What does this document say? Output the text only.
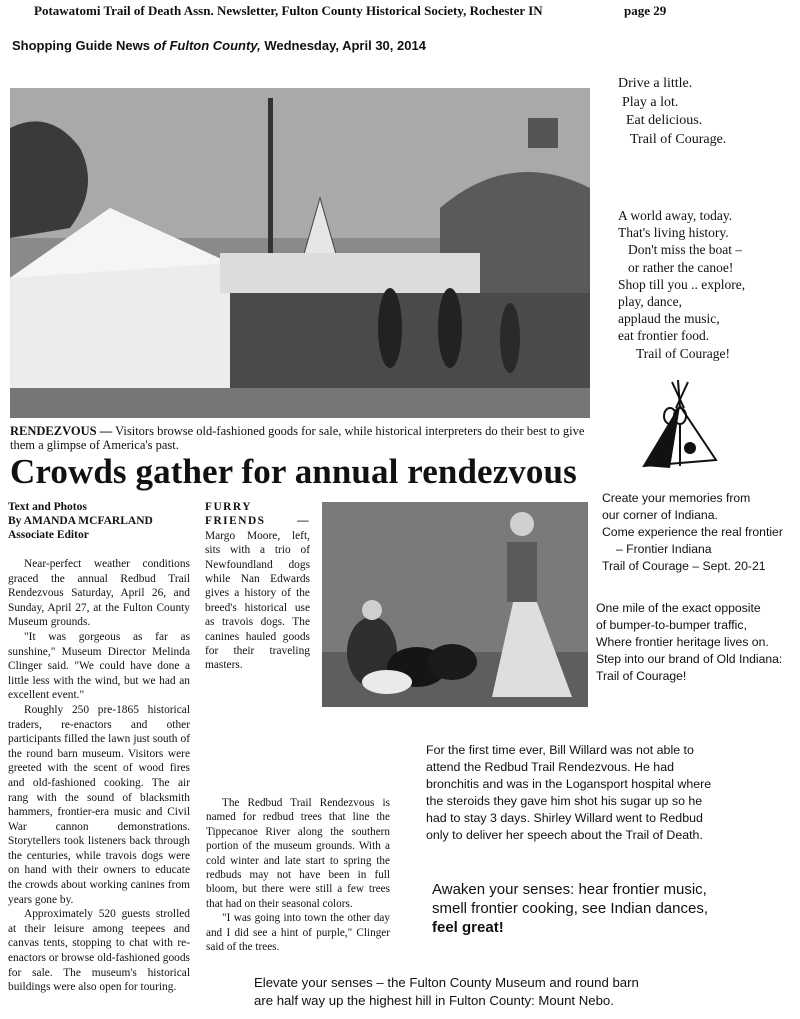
Potawatomi Trail of Death Assn. Newsletter, Fulton County Historical Society, Rochester IN	page 29
Shopping Guide News of Fulton County, Wednesday, April 30, 2014
RENDEZVOUS — Visitors browse old-fashioned goods for sale, while historical interpreters do their best to give them a glimpse of America's past.
Crowds gather for annual rendezvous
Text and Photos
By AMANDA MCFARLAND
Associate Editor

Near-perfect weather conditions graced the annual Redbud Trail Rendezvous Saturday, April 26, and Sunday, April 27, at the Fulton County Museum grounds.

"It was gorgeous as far as sunshine," Museum Director Melinda Clinger said. "We could have done a little less with the wind, but we had an excellent event."

Roughly 250 pre-1865 historical traders, re-enactors and other participants filled the lawn just south of the round barn museum. Visitors were greeted with the scent of wood fires and old-fashioned cooking. The air rang with the sound of blacksmith hammers, frontier-era music and Civil War cannon demonstrations. Storytellers took listeners back through the centuries, while travois dogs were on hand with their owners to educate the crowds about working canines from years gone by.

Approximately 520 guests strolled at their leisure among teepees and canvas tents, stopping to chat with re-enactors or browse old-fashioned goods for sale. The museum's historical buildings were also open for touring.

FURRY FRIENDS — Margo Moore, left, sits with a trio of Newfoundland dogs while Nan Edwards gives a history of the breed's historical use as travois dogs. The canines hauled goods for their traveling masters.

The Redbud Trail Rendezvous is named for redbud trees that line the Tippecanoe River along the southern portion of the museum grounds. With a cold winter and late start to spring the redbuds may not have been in full bloom, but there were still a few trees that had on their seasonal colors.

"I was going into town the other day and I did see a hint of purple," Clinger said of the trees.

Drive a little.
Play a lot.
Eat delicious.
Trail of Courage.
A world away, today.
That's living history.
Don't miss the boat –
or rather the canoe!
Shop till you .. explore,
play, dance,
applaud the music,
eat frontier food.
Trail of Courage!
Create your memories from
our corner of Indiana.
Come experience the real frontier
– Frontier Indiana
Trail of Courage – Sept. 20-21
One mile of the exact opposite
of bumper-to-bumper traffic,
Where frontier heritage lives on.
Step into our brand of Old Indiana:
Trail of Courage!
For the first time ever, Bill Willard was not able to attend the Redbud Trail Rendezvous. He had bronchitis and was in the Logansport hospital where the steroids they gave him shot his sugar up so he had to stay 3 days. Shirley Willard went to Redbud only to deliver her speech about the Trail of Death.
Awaken your senses: hear frontier music,
smell frontier cooking, see Indian dances,
feel great!
Elevate your senses – the Fulton County Museum and round barn
are half way up the highest hill in Fulton County: Mount Nebo.
